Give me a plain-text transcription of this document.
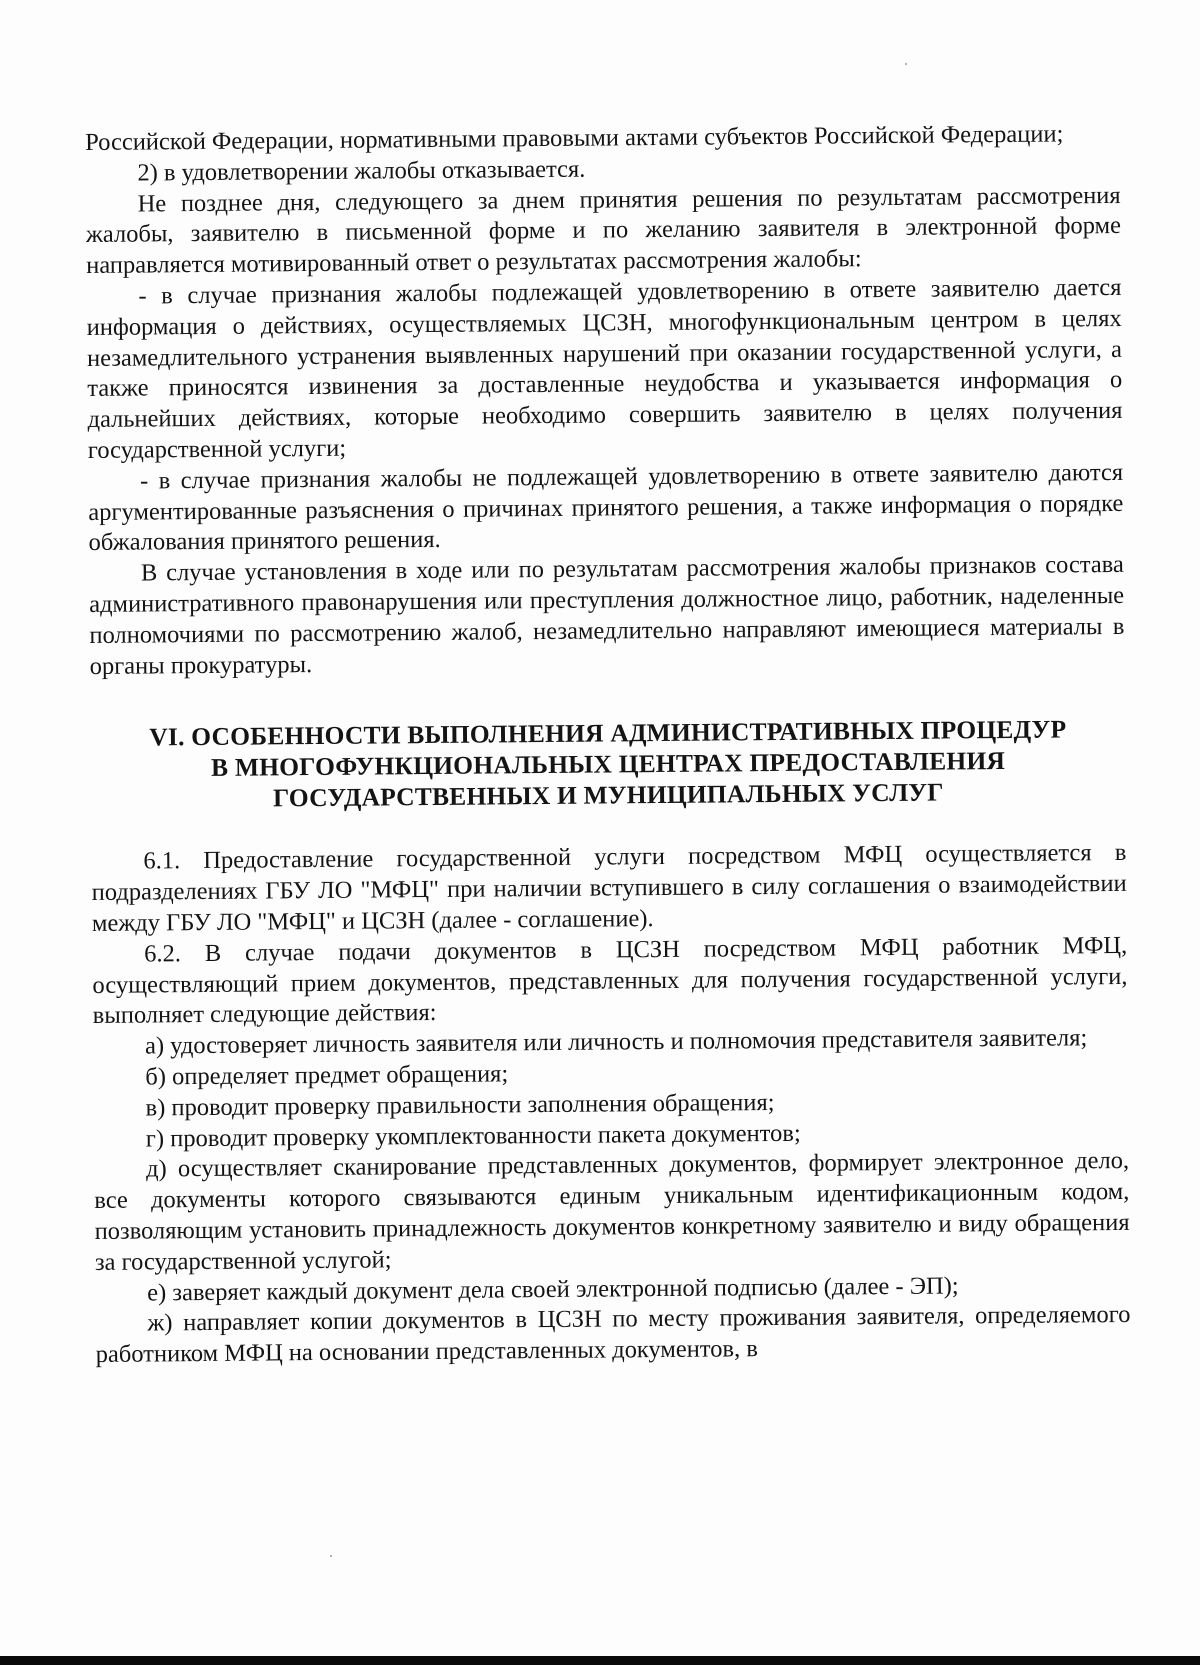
Российской Федерации, нормативными правовыми актами субъектов Российской Федерации;

2) в удовлетворении жалобы отказывается.

Не позднее дня, следующего за днем принятия решения по результатам рассмотрения жалобы, заявителю в письменной форме и по желанию заявителя в электронной форме направляется мотивированный ответ о результатах рассмотрения жалобы:

- в случае признания жалобы подлежащей удовлетворению в ответе заявителю дается информация о действиях, осуществляемых ЦСЗН, многофункциональным центром в целях незамедлительного устранения выявленных нарушений при оказании государственной услуги, а также приносятся извинения за доставленные неудобства и указывается информация о дальнейших действиях, которые необходимо совершить заявителю в целях получения государственной услуги;

- в случае признания жалобы не подлежащей удовлетворению в ответе заявителю даются аргументированные разъяснения о причинах принятого решения, а также информация о порядке обжалования принятого решения.

В случае установления в ходе или по результатам рассмотрения жалобы признаков состава административного правонарушения или преступления должностное лицо, работник, наделенные полномочиями по рассмотрению жалоб, незамедлительно направляют имеющиеся материалы в органы прокуратуры.

VI. ОСОБЕННОСТИ ВЫПОЛНЕНИЯ АДМИНИСТРАТИВНЫХ ПРОЦЕДУР
В МНОГОФУНКЦИОНАЛЬНЫХ ЦЕНТРАХ ПРЕДОСТАВЛЕНИЯ
ГОСУДАРСТВЕННЫХ И МУНИЦИПАЛЬНЫХ УСЛУГ

6.1. Предоставление государственной услуги посредством МФЦ осуществляется в подразделениях ГБУ ЛО "МФЦ" при наличии вступившего в силу соглашения о взаимодействии между ГБУ ЛО "МФЦ" и ЦСЗН (далее - соглашение).

6.2. В случае подачи документов в ЦСЗН посредством МФЦ работник МФЦ, осуществляющий прием документов, представленных для получения государственной услуги, выполняет следующие действия:

а) удостоверяет личность заявителя или личность и полномочия представителя заявителя;

б) определяет предмет обращения;

в) проводит проверку правильности заполнения обращения;

г) проводит проверку укомплектованности пакета документов;

д) осуществляет сканирование представленных документов, формирует электронное дело, все документы которого связываются единым уникальным идентификационным кодом, позволяющим установить принадлежность документов конкретному заявителю и виду обращения за государственной услугой;

е) заверяет каждый документ дела своей электронной подписью (далее - ЭП);

ж) направляет копии документов в ЦСЗН по месту проживания заявителя, определяемого работником МФЦ на основании представленных документов, в
